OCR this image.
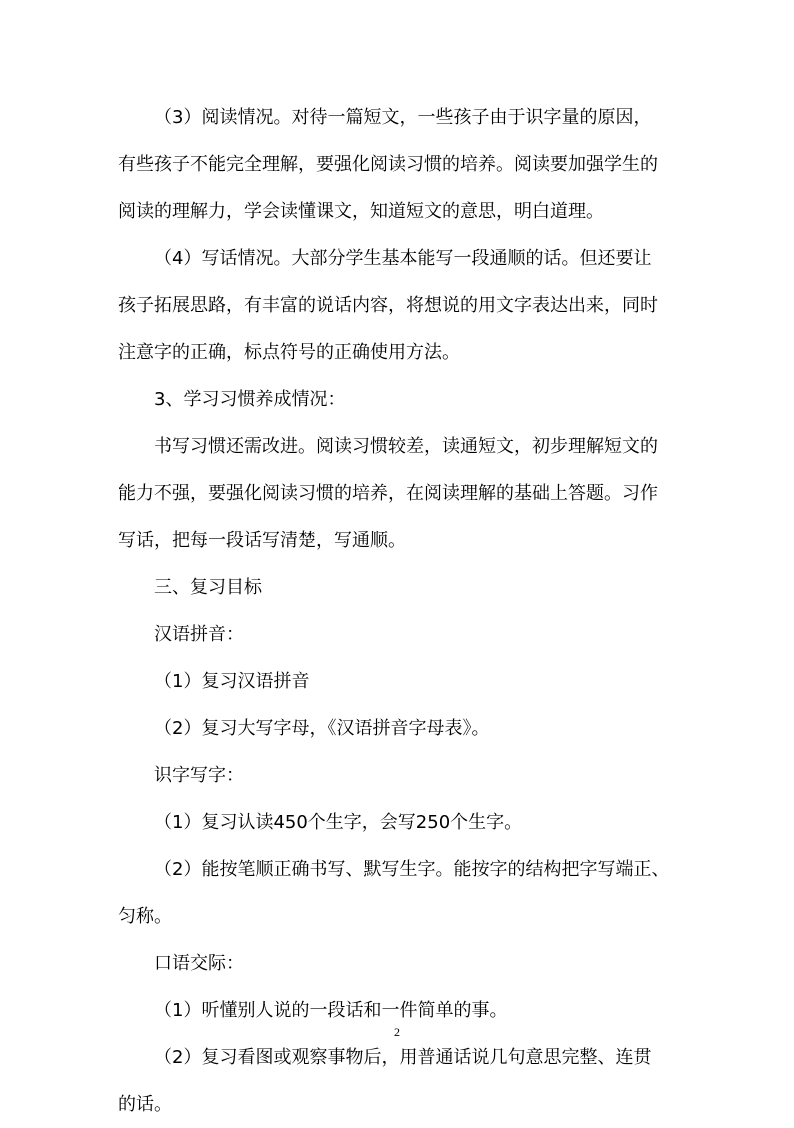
（3）阅读情况。对待一篇短文，一些孩子由于识字量的原因，
有些孩子不能完全理解，要强化阅读习惯的培养。阅读要加强学生的
阅读的理解力，学会读懂课文，知道短文的意思，明白道理。
（4）写话情况。大部分学生基本能写一段通顺的话。但还要让
孩子拓展思路，有丰富的说话内容，将想说的用文字表达出来，同时
注意字的正确，标点符号的正确使用方法。
3、学习习惯养成情况：
书写习惯还需改进。阅读习惯较差，读通短文，初步理解短文的
能力不强，要强化阅读习惯的培养，在阅读理解的基础上答题。习作
写话，把每一段话写清楚，写通顺。
三、复习目标
汉语拼音：
（1）复习汉语拼音
（2）复习大写字母，《汉语拼音字母表》。
识字写字：
（1）复习认读450个生字，会写250个生字。
（2）能按笔顺正确书写、默写生字。能按字的结构把字写端正、
匀称。
口语交际：
（1）听懂别人说的一段话和一件简单的事。
（2）复习看图或观察事物后，用普通话说几句意思完整、连贯
的话。
2
